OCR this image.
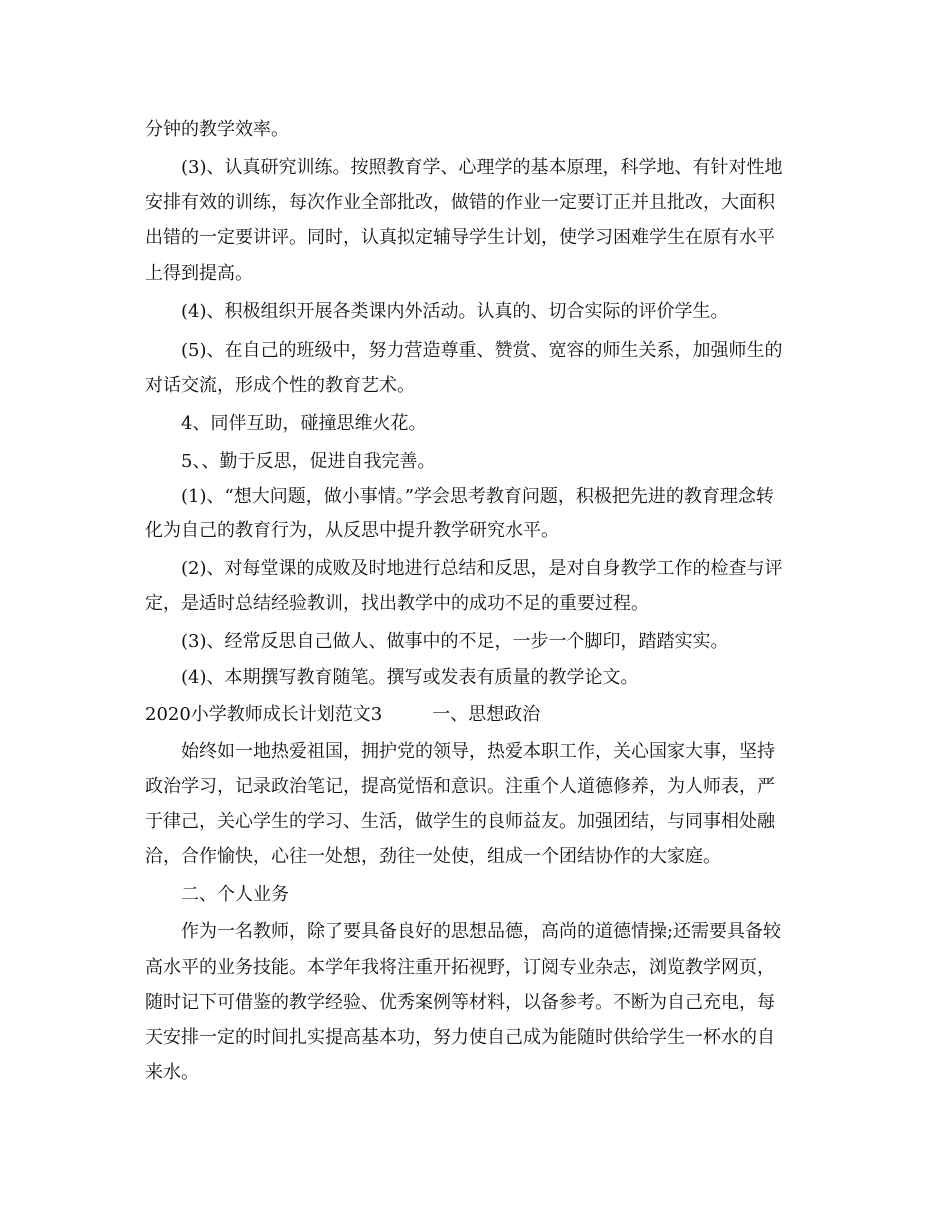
分钟的教学效率。
(3)、认真研究训练。按照教育学、心理学的基本原理，科学地、有针对性地
安排有效的训练，每次作业全部批改，做错的作业一定要订正并且批改，大面积
出错的一定要讲评。同时，认真拟定辅导学生计划，使学习困难学生在原有水平
上得到提高。
(4)、积极组织开展各类课内外活动。认真的、切合实际的评价学生。
(5)、在自己的班级中，努力营造尊重、赞赏、宽容的师生关系，加强师生的
对话交流，形成个性的教育艺术。
4、同伴互助，碰撞思维火花。
5、、勤于反思，促进自我完善。
(1)、“想大问题，做小事情。”学会思考教育问题，积极把先进的教育理念转
化为自己的教育行为，从反思中提升教学研究水平。
(2)、对每堂课的成败及时地进行总结和反思，是对自身教学工作的检查与评
定，是适时总结经验教训，找出教学中的成功不足的重要过程。
(3)、经常反思自己做人、做事中的不足，一步一个脚印，踏踏实实。
(4)、本期撰写教育随笔。撰写或发表有质量的教学论文。
2020小学教师成长计划范文3	一、思想政治
始终如一地热爱祖国，拥护党的领导，热爱本职工作，关心国家大事，坚持
政治学习，记录政治笔记，提高觉悟和意识。注重个人道德修养，为人师表，严
于律己，关心学生的学习、生活，做学生的良师益友。加强团结，与同事相处融
洽，合作愉快，心往一处想，劲往一处使，组成一个团结协作的大家庭。
二、个人业务
作为一名教师，除了要具备良好的思想品德，高尚的道德情操;还需要具备较
高水平的业务技能。本学年我将注重开拓视野，订阅专业杂志，浏览教学网页，
随时记下可借鉴的教学经验、优秀案例等材料，以备参考。不断为自己充电，每
天安排一定的时间扎实提高基本功，努力使自己成为能随时供给学生一杯水的自
来水。
